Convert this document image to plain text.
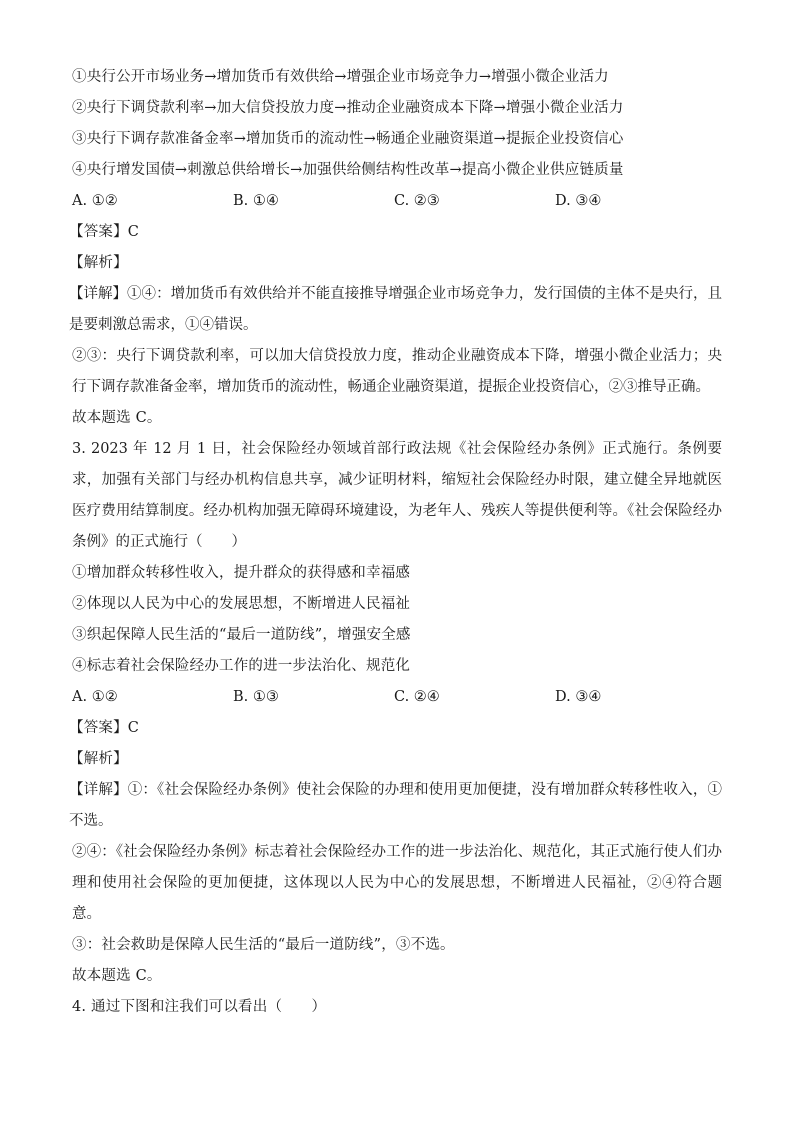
①央行公开市场业务→增加货币有效供给→增强企业市场竞争力→增强小微企业活力
②央行下调贷款利率→加大信贷投放力度→推动企业融资成本下降→增强小微企业活力
③央行下调存款准备金率→增加货币的流动性→畅通企业融资渠道→提振企业投资信心
④央行增发国债→刺激总供给增长→加强供给侧结构性改革→提高小微企业供应链质量
A. ①②	B. ①④	C. ②③	D. ③④
【答案】C
【解析】
【详解】①④：增加货币有效供给并不能直接推导增强企业市场竞争力，发行国债的主体不是央行，且是要刺激总需求，①④错误。
②③：央行下调贷款利率，可以加大信贷投放力度，推动企业融资成本下降，增强小微企业活力；央行下调存款准备金率，增加货币的流动性，畅通企业融资渠道，提振企业投资信心，②③推导正确。
故本题选 C。
3. 2023 年 12 月 1 日，社会保险经办领域首部行政法规《社会保险经办条例》正式施行。条例要求，加强有关部门与经办机构信息共享，减少证明材料，缩短社会保险经办时限，建立健全异地就医医疗费用结算制度。经办机构加强无障碍环境建设，为老年人、残疾人等提供便利等。《社会保险经办条例》的正式施行（　　）
①增加群众转移性收入，提升群众的获得感和幸福感
②体现以人民为中心的发展思想，不断增进人民福祉
③织起保障人民生活的“最后一道防线”，增强安全感
④标志着社会保险经办工作的进一步法治化、规范化
A. ①②	B. ①③	C. ②④	D. ③④
【答案】C
【解析】
【详解】①：《社会保险经办条例》使社会保险的办理和使用更加便捷，没有增加群众转移性收入，①不选。
②④：《社会保险经办条例》标志着社会保险经办工作的进一步法治化、规范化，其正式施行使人们办理和使用社会保险的更加便捷，这体现以人民为中心的发展思想，不断增进人民福祉，②④符合题意。
③：社会救助是保障人民生活的“最后一道防线”，③不选。
故本题选 C。
4. 通过下图和注我们可以看出（　　）
